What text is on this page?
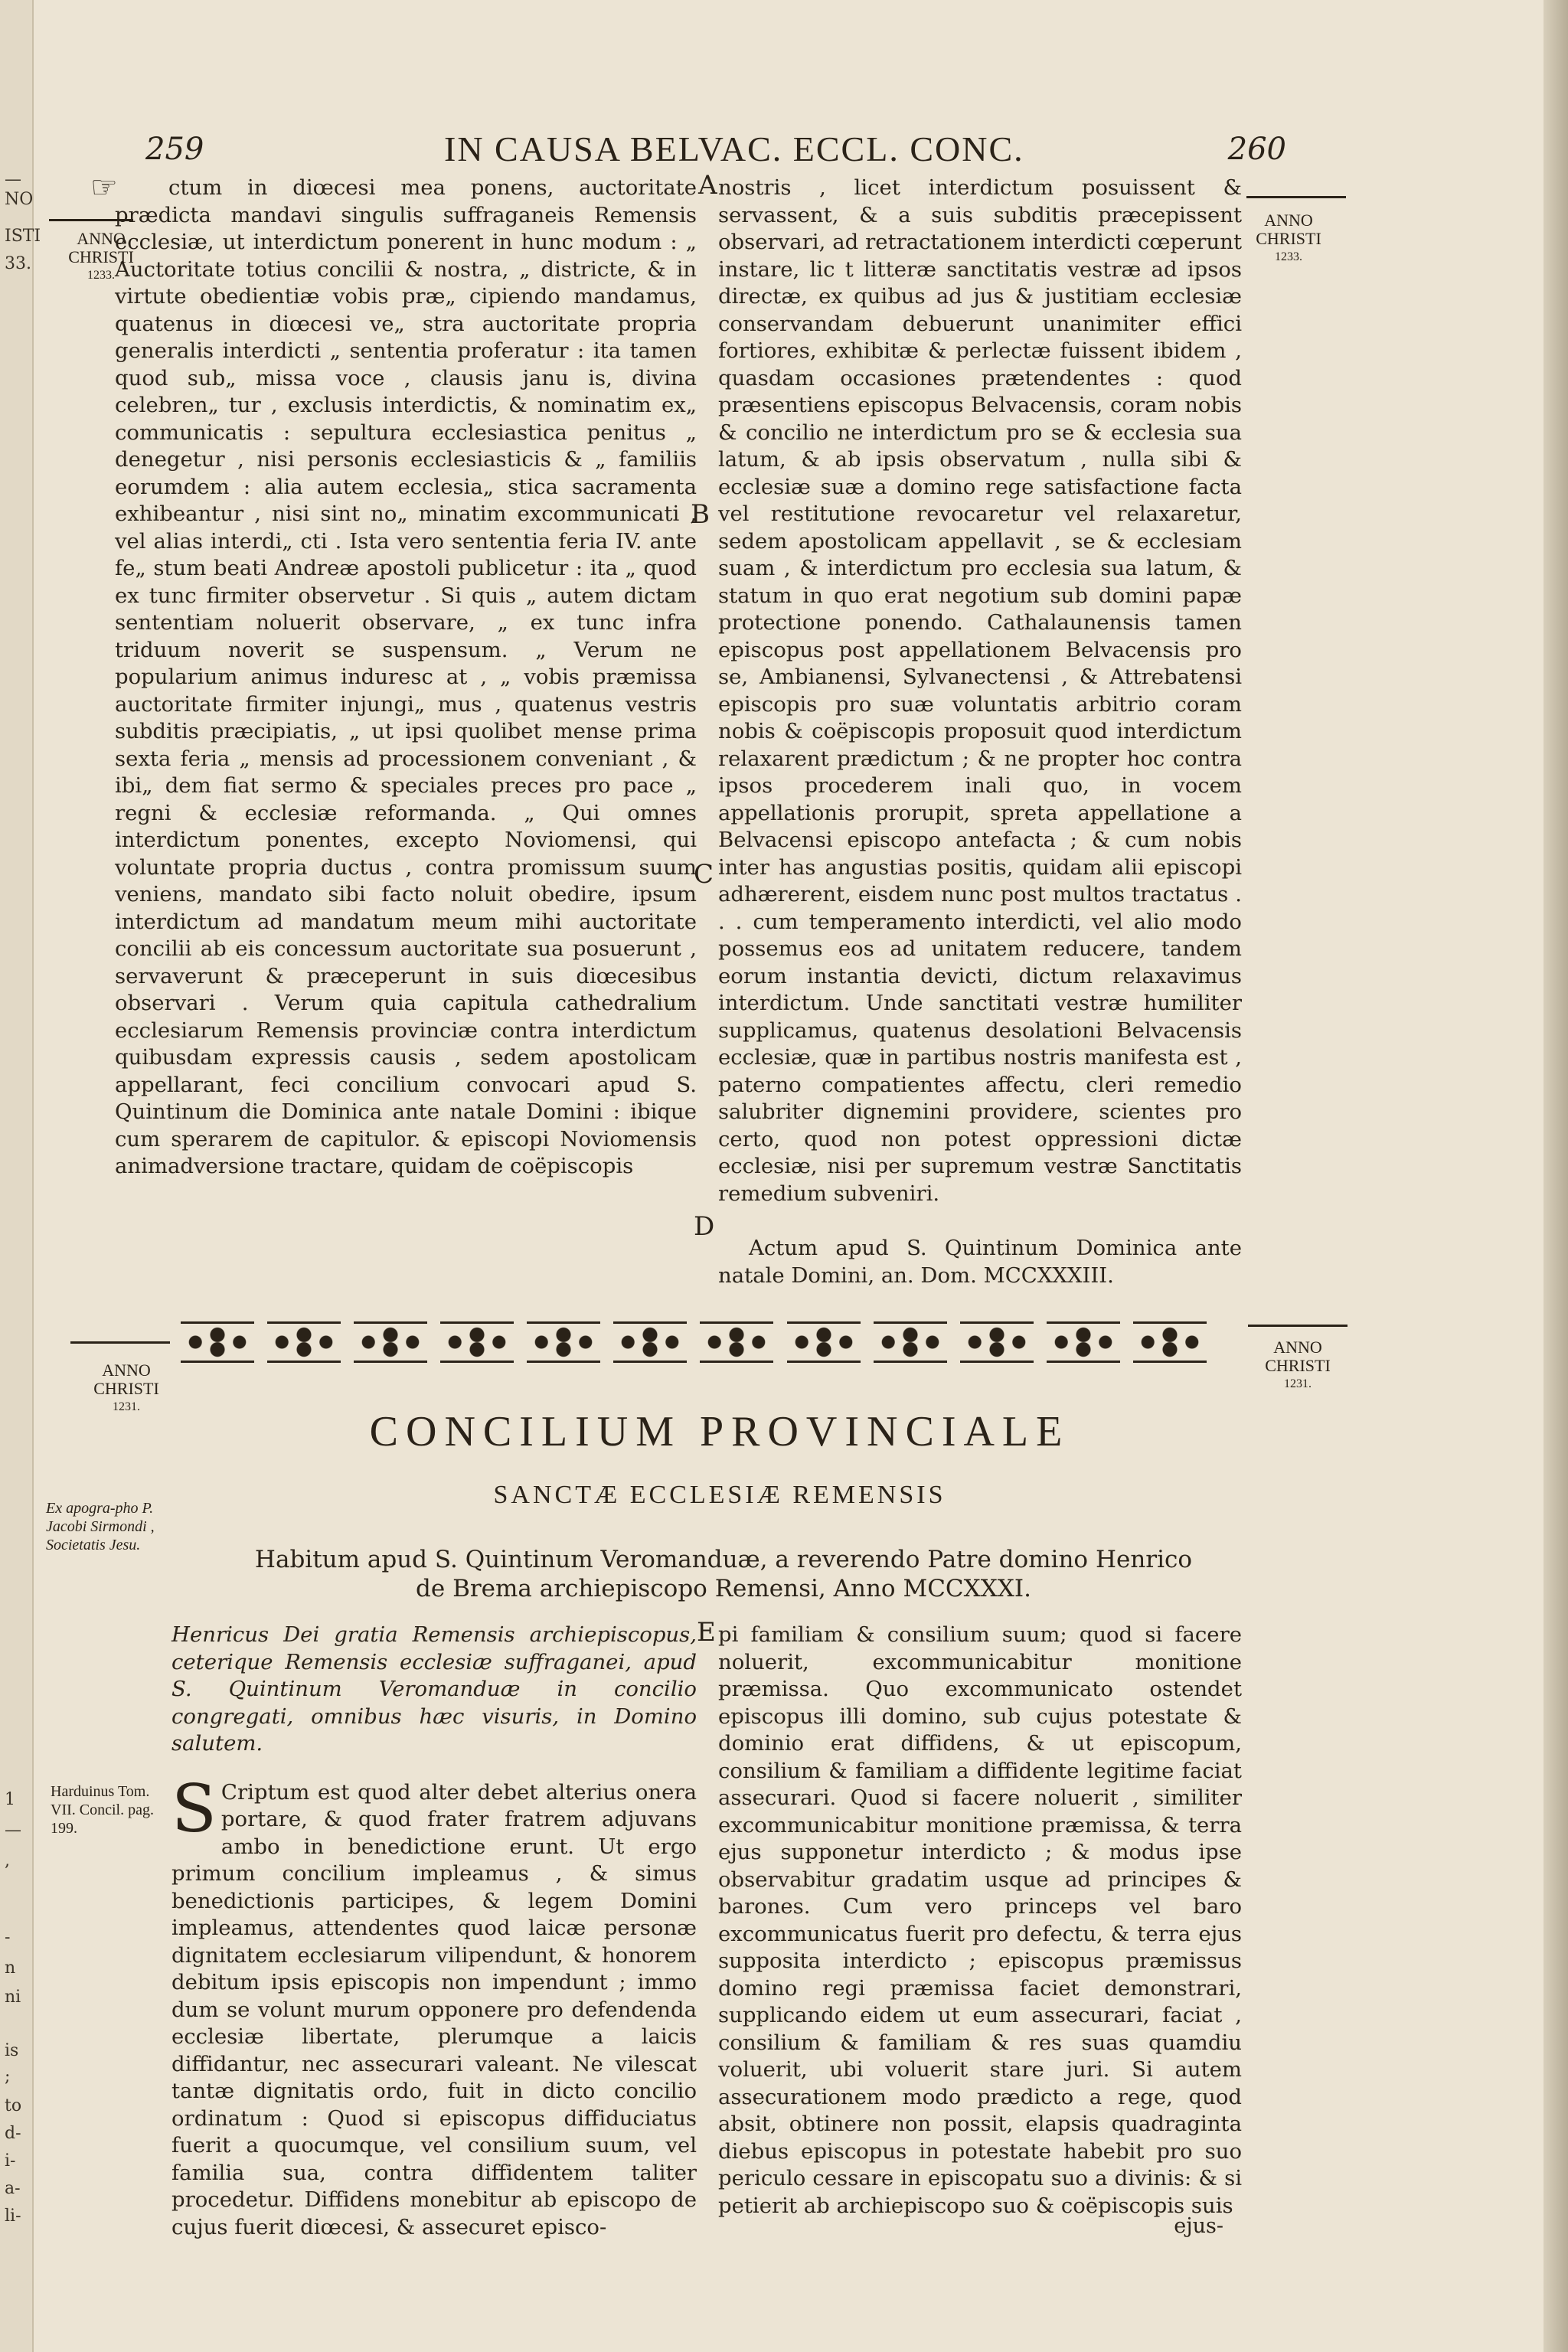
NO
ISTI
33.
—
1
—
,
-
n
ni
is
;
to
d-
i-
a-
li-
259	IN CAUSA BELVAC. ECCL. CONC.	260
☞
ANNO
CHRISTI
1233.
ANNO
CHRISTI
1233.
A
B
C
D

ctum in diœcesi mea ponens, auctoritate prædicta mandavi singulis suffraganeis Remensis ecclesiæ, ut interdictum ponerent in hunc modum : „ Auctoritate totius concilii & nostra, „ districte, & in virtute obedientiæ vobis præ„ cipiendo mandamus, quatenus in diœcesi ve„ stra auctoritate propria generalis interdicti „ sententia proferatur : ita tamen quod sub„ missa voce , clausis janu is, divina celebren„ tur , exclusis interdictis, & nominatim ex„ communicatis : sepultura ecclesiastica penitus „ denegetur , nisi personis ecclesiasticis & „ familiis eorumdem : alia autem ecclesia„ stica sacramenta exhibeantur , nisi sint no„ minatim excommunicati , vel alias interdi„ cti . Ista vero sententia feria IV. ante fe„ stum beati Andreæ apostoli publicetur : ita „ quod ex tunc firmiter observetur . Si quis „ autem dictam sententiam noluerit observare, „ ex tunc infra triduum noverit se suspensum. „ Verum ne popularium animus induresc at , „ vobis præmissa auctoritate firmiter injungi„ mus , quatenus vestris subditis præcipiatis, „ ut ipsi quolibet mense prima sexta feria „ mensis ad processionem conveniant , & ibi„ dem fiat sermo & speciales preces pro pace „ regni & ecclesiæ reformanda. „ Qui omnes interdictum ponentes, excepto Noviomensi, qui voluntate propria ductus , contra promissum suum veniens, mandato sibi facto noluit obedire, ipsum interdictum ad mandatum meum mihi auctoritate concilii ab eis concessum auctoritate sua posuerunt , servaverunt & præceperunt in suis diœcesibus observari . Verum quia capitula cathedralium ecclesiarum Remensis provinciæ contra interdictum quibusdam expressis causis , sedem apostolicam appellarant, feci concilium convocari apud S. Quintinum die Dominica ante natale Domini : ibique cum sperarem de capitulor. & episcopi Noviomensis animadversione tractare, quidam de coëpiscopis

nostris , licet interdictum posuissent & servassent, & a suis subditis præcepissent observari, ad retractationem interdicti cœperunt instare, lic t litteræ sanctitatis vestræ ad ipsos directæ, ex quibus ad jus & justitiam ecclesiæ conservandam debuerunt unanimiter effici fortiores, exhibitæ & perlectæ fuissent ibidem , quasdam occasiones prætendentes : quod præsentiens episcopus Belvacensis, coram nobis & concilio ne interdictum pro se & ecclesia sua latum, & ab ipsis observatum , nulla sibi & ecclesiæ suæ a domino rege satisfactione facta vel restitutione revocaretur vel relaxaretur, sedem apostolicam appellavit , se & ecclesiam suam , & interdictum pro ecclesia sua latum, & statum in quo erat negotium sub domini papæ protectione ponendo. Cathalaunensis tamen episcopus post appellationem Belvacensis pro se, Ambianensi, Sylvanectensi , & Attrebatensi episcopis pro suæ voluntatis arbitrio coram nobis & coëpiscopis proposuit quod interdictum relaxarent prædictum ; & ne propter hoc contra ipsos procederem inali quo, in vocem appellationis prorupit, spreta appellatione a Belvacensi episcopo antefacta ; & cum nobis inter has angustias positis, quidam alii episcopi adhærerent, eisdem nunc post multos tractatus . . . cum temperamento interdicti, vel alio modo possemus eos ad unitatem reducere, tandem eorum instantia devicti, dictum relaxavimus interdictum. Unde sanctitati vestræ humiliter supplicamus, quatenus desolationi Belvacensis ecclesiæ, quæ in partibus nostris manifesta est , paterno compatientes affectu, cleri remedio salubriter dignemini providere, scientes pro certo, quod non potest oppressioni dictæ ecclesiæ, nisi per supremum vestræ Sanctitatis remedium subveniri.

Actum apud S. Quintinum Dominica ante natale Domini, an. Dom. MCCXXXIII.

ANNO
CHRISTI
1231.
ANNO
CHRISTI
1231.
CONCILIUM PROVINCIALE
SANCTÆ ECCLESIÆ REMENSIS
Ex apogra-pho P. Jacobi Sirmondi , Societatis Jesu.
Habitum apud S. Quintinum Veromanduæ, a reverendo Patre domino Henrico de Brema archiepiscopo Remensi, Anno MCCXXXI.
E
Harduinus Tom. VII. Concil. pag. 199.

Henricus Dei gratia Remensis archiepiscopus, ceterique Remensis ecclesiæ suffraganei, apud S. Quintinum Veromanduæ in concilio congregati, omnibus hæc visuris, in Domino salutem.

S Criptum est quod alter debet alterius onera portare, & quod frater fratrem adjuvans ambo in benedictione erunt. Ut ergo primum concilium impleamus , & simus benedictionis participes, & legem Domini impleamus, attendentes quod laicæ personæ dignitatem ecclesiarum vilipendunt, & honorem debitum ipsis episcopis non impendunt ; immo dum se volunt murum opponere pro defendenda ecclesiæ libertate, plerumque a laicis diffidantur, nec assecurari valeant. Ne vilescat tantæ dignitatis ordo, fuit in dicto concilio ordinatum : Quod si episcopus diffiduciatus fuerit a quocumque, vel consilium suum, vel familia sua, contra diffidentem taliter procedetur. Diffidens monebitur ab episcopo de cujus fuerit diœcesi, & assecuret episco-

pi familiam & consilium suum; quod si facere noluerit, excommunicabitur monitione præmissa. Quo excommunicato ostendet episcopus illi domino, sub cujus potestate & dominio erat diffidens, & ut episcopum, consilium & familiam a diffidente legitime faciat assecurari. Quod si facere noluerit , similiter excommunicabitur monitione præmissa, & terra ejus supponetur interdicto ; & modus ipse observabitur gradatim usque ad principes & barones. Cum vero princeps vel baro excommunicatus fuerit pro defectu, & terra ejus supposita interdicto ; episcopus præmissus domino regi præmissa faciet demonstrari, supplicando eidem ut eum assecurari, faciat , consilium & familiam & res suas quamdiu voluerit, ubi voluerit stare juri. Si autem assecurationem modo prædicto a rege, quod absit, obtinere non possit, elapsis quadraginta diebus episcopus in potestate habebit pro suo periculo cessare in episcopatu suo a divinis: & si petierit ab archiepiscopo suo & coëpiscopis suis

ejus-
